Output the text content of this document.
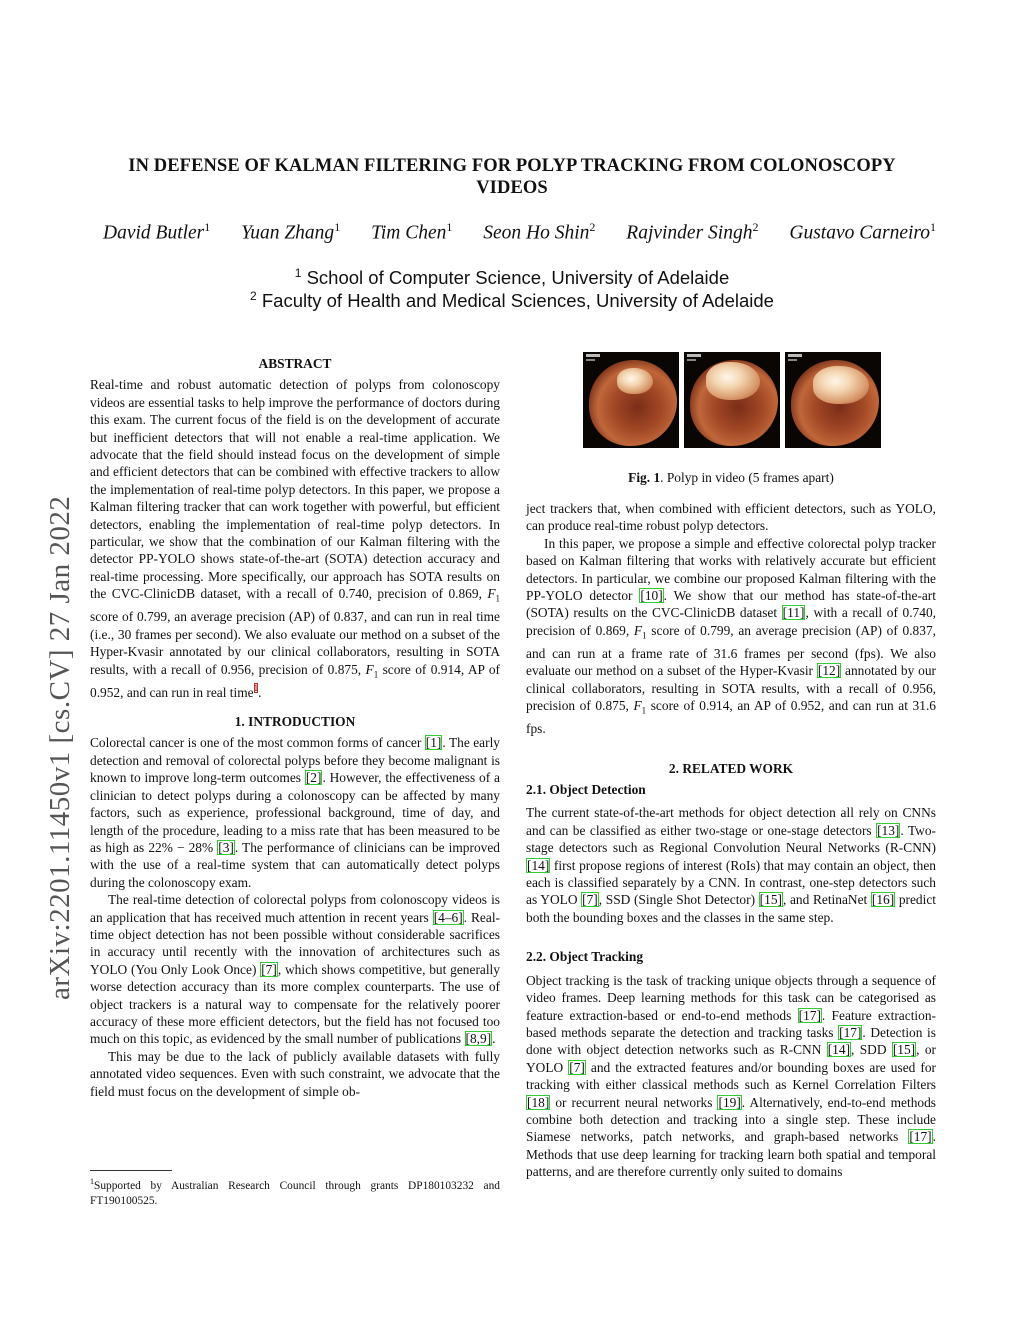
arXiv:2201.11450v1 [cs.CV] 27 Jan 2022
IN DEFENSE OF KALMAN FILTERING FOR POLYP TRACKING FROM COLONOSCOPY
VIDEOS
David Butler$^1$ Yuan Zhang$^1$ Tim Chen$^1$ Seon Ho Shin$^2$ Rajvinder Singh$^2$ Gustavo Carneiro$^1$
$^1$ School of Computer Science, University of Adelaide
$^2$ Faculty of Health and Medical Sciences, University of Adelaide
ABSTRACT

Real-time and robust automatic detection of polyps from colonoscopy videos are essential tasks to help improve the performance of doctors during this exam. The current focus of the field is on the development of accurate but inefficient detectors that will not enable a real-time application. We advocate that the field should instead focus on the development of simple and efficient detectors that can be combined with effective trackers to allow the implementation of real-time polyp detectors. In this paper, we propose a Kalman filtering tracker that can work together with powerful, but efficient detectors, enabling the implementation of real-time polyp detectors. In particular, we show that the combination of our Kalman filtering with the detector PP-YOLO shows state-of-the-art (SOTA) detection accuracy and real-time processing. More specifically, our approach has SOTA results on the CVC-ClinicDB dataset, with a recall of 0.740, precision of 0.869, $F_1$ score of 0.799, an average precision (AP) of 0.837, and can run in real time (i.e., 30 frames per second). We also evaluate our method on a subset of the Hyper-Kvasir annotated by our clinical collaborators, resulting in SOTA results, with a recall of 0.956, precision of 0.875, $F_1$ score of 0.914, AP of 0.952, and can run in real time$^1$.

1. INTRODUCTION

Colorectal cancer is one of the most common forms of cancer [1]. The early detection and removal of colorectal polyps before they become malignant is known to improve long-term outcomes [2]. However, the effectiveness of a clinician to detect polyps during a colonoscopy can be affected by many factors, such as experience, professional background, time of day, and length of the procedure, leading to a miss rate that has been measured to be as high as 22% − 28% [3]. The performance of clinicians can be improved with the use of a real-time system that can automatically detect polyps during the colonoscopy exam.

The real-time detection of colorectal polyps from colonoscopy videos is an application that has received much attention in recent years [4–6]. Real-time object detection has not been possible without considerable sacrifices in accuracy until recently with the innovation of architectures such as YOLO (You Only Look Once) [7], which shows competitive, but generally worse detection accuracy than its more complex counterparts. The use of object trackers is a natural way to compensate for the relatively poorer accuracy of these more efficient detectors, but the field has not focused too much on this topic, as evidenced by the small number of publications [8,9].

This may be due to the lack of publicly available datasets with fully annotated video sequences. Even with such constraint, we advocate that the field must focus on the development of simple ob-

$^1$Supported by Australian Research Council through grants DP180103232 and FT190100525.
Fig. 1. Polyp in video (5 frames apart)

ject trackers that, when combined with efficient detectors, such as YOLO, can produce real-time robust polyp detectors.

In this paper, we propose a simple and effective colorectal polyp tracker based on Kalman filtering that works with relatively accurate but efficient detectors. In particular, we combine our proposed Kalman filtering with the PP-YOLO detector [10]. We show that our method has state-of-the-art (SOTA) results on the CVC-ClinicDB dataset [11], with a recall of 0.740, precision of 0.869, $F_1$ score of 0.799, an average precision (AP) of 0.837, and can run at a frame rate of 31.6 frames per second (fps). We also evaluate our method on a subset of the Hyper-Kvasir [12] annotated by our clinical collaborators, resulting in SOTA results, with a recall of 0.956, precision of 0.875, $F_1$ score of 0.914, an AP of 0.952, and can run at 31.6 fps.

2. RELATED WORK
2.1. Object Detection

The current state-of-the-art methods for object detection all rely on CNNs and can be classified as either two-stage or one-stage detectors [13]. Two-stage detectors such as Regional Convolution Neural Networks (R-CNN) [14] first propose regions of interest (RoIs) that may contain an object, then each is classified separately by a CNN. In contrast, one-step detectors such as YOLO [7], SSD (Single Shot Detector) [15], and RetinaNet [16] predict both the bounding boxes and the classes in the same step.

2.2. Object Tracking

Object tracking is the task of tracking unique objects through a sequence of video frames. Deep learning methods for this task can be categorised as feature extraction-based or end-to-end methods [17]. Feature extraction-based methods separate the detection and tracking tasks [17]. Detection is done with object detection networks such as R-CNN [14], SDD [15], or YOLO [7] and the extracted features and/or bounding boxes are used for tracking with either classical methods such as Kernel Correlation Filters [18] or recurrent neural networks [19]. Alternatively, end-to-end methods combine both detection and tracking into a single step. These include Siamese networks, patch networks, and graph-based networks [17]. Methods that use deep learning for tracking learn both spatial and temporal patterns, and are therefore currently only suited to domains
